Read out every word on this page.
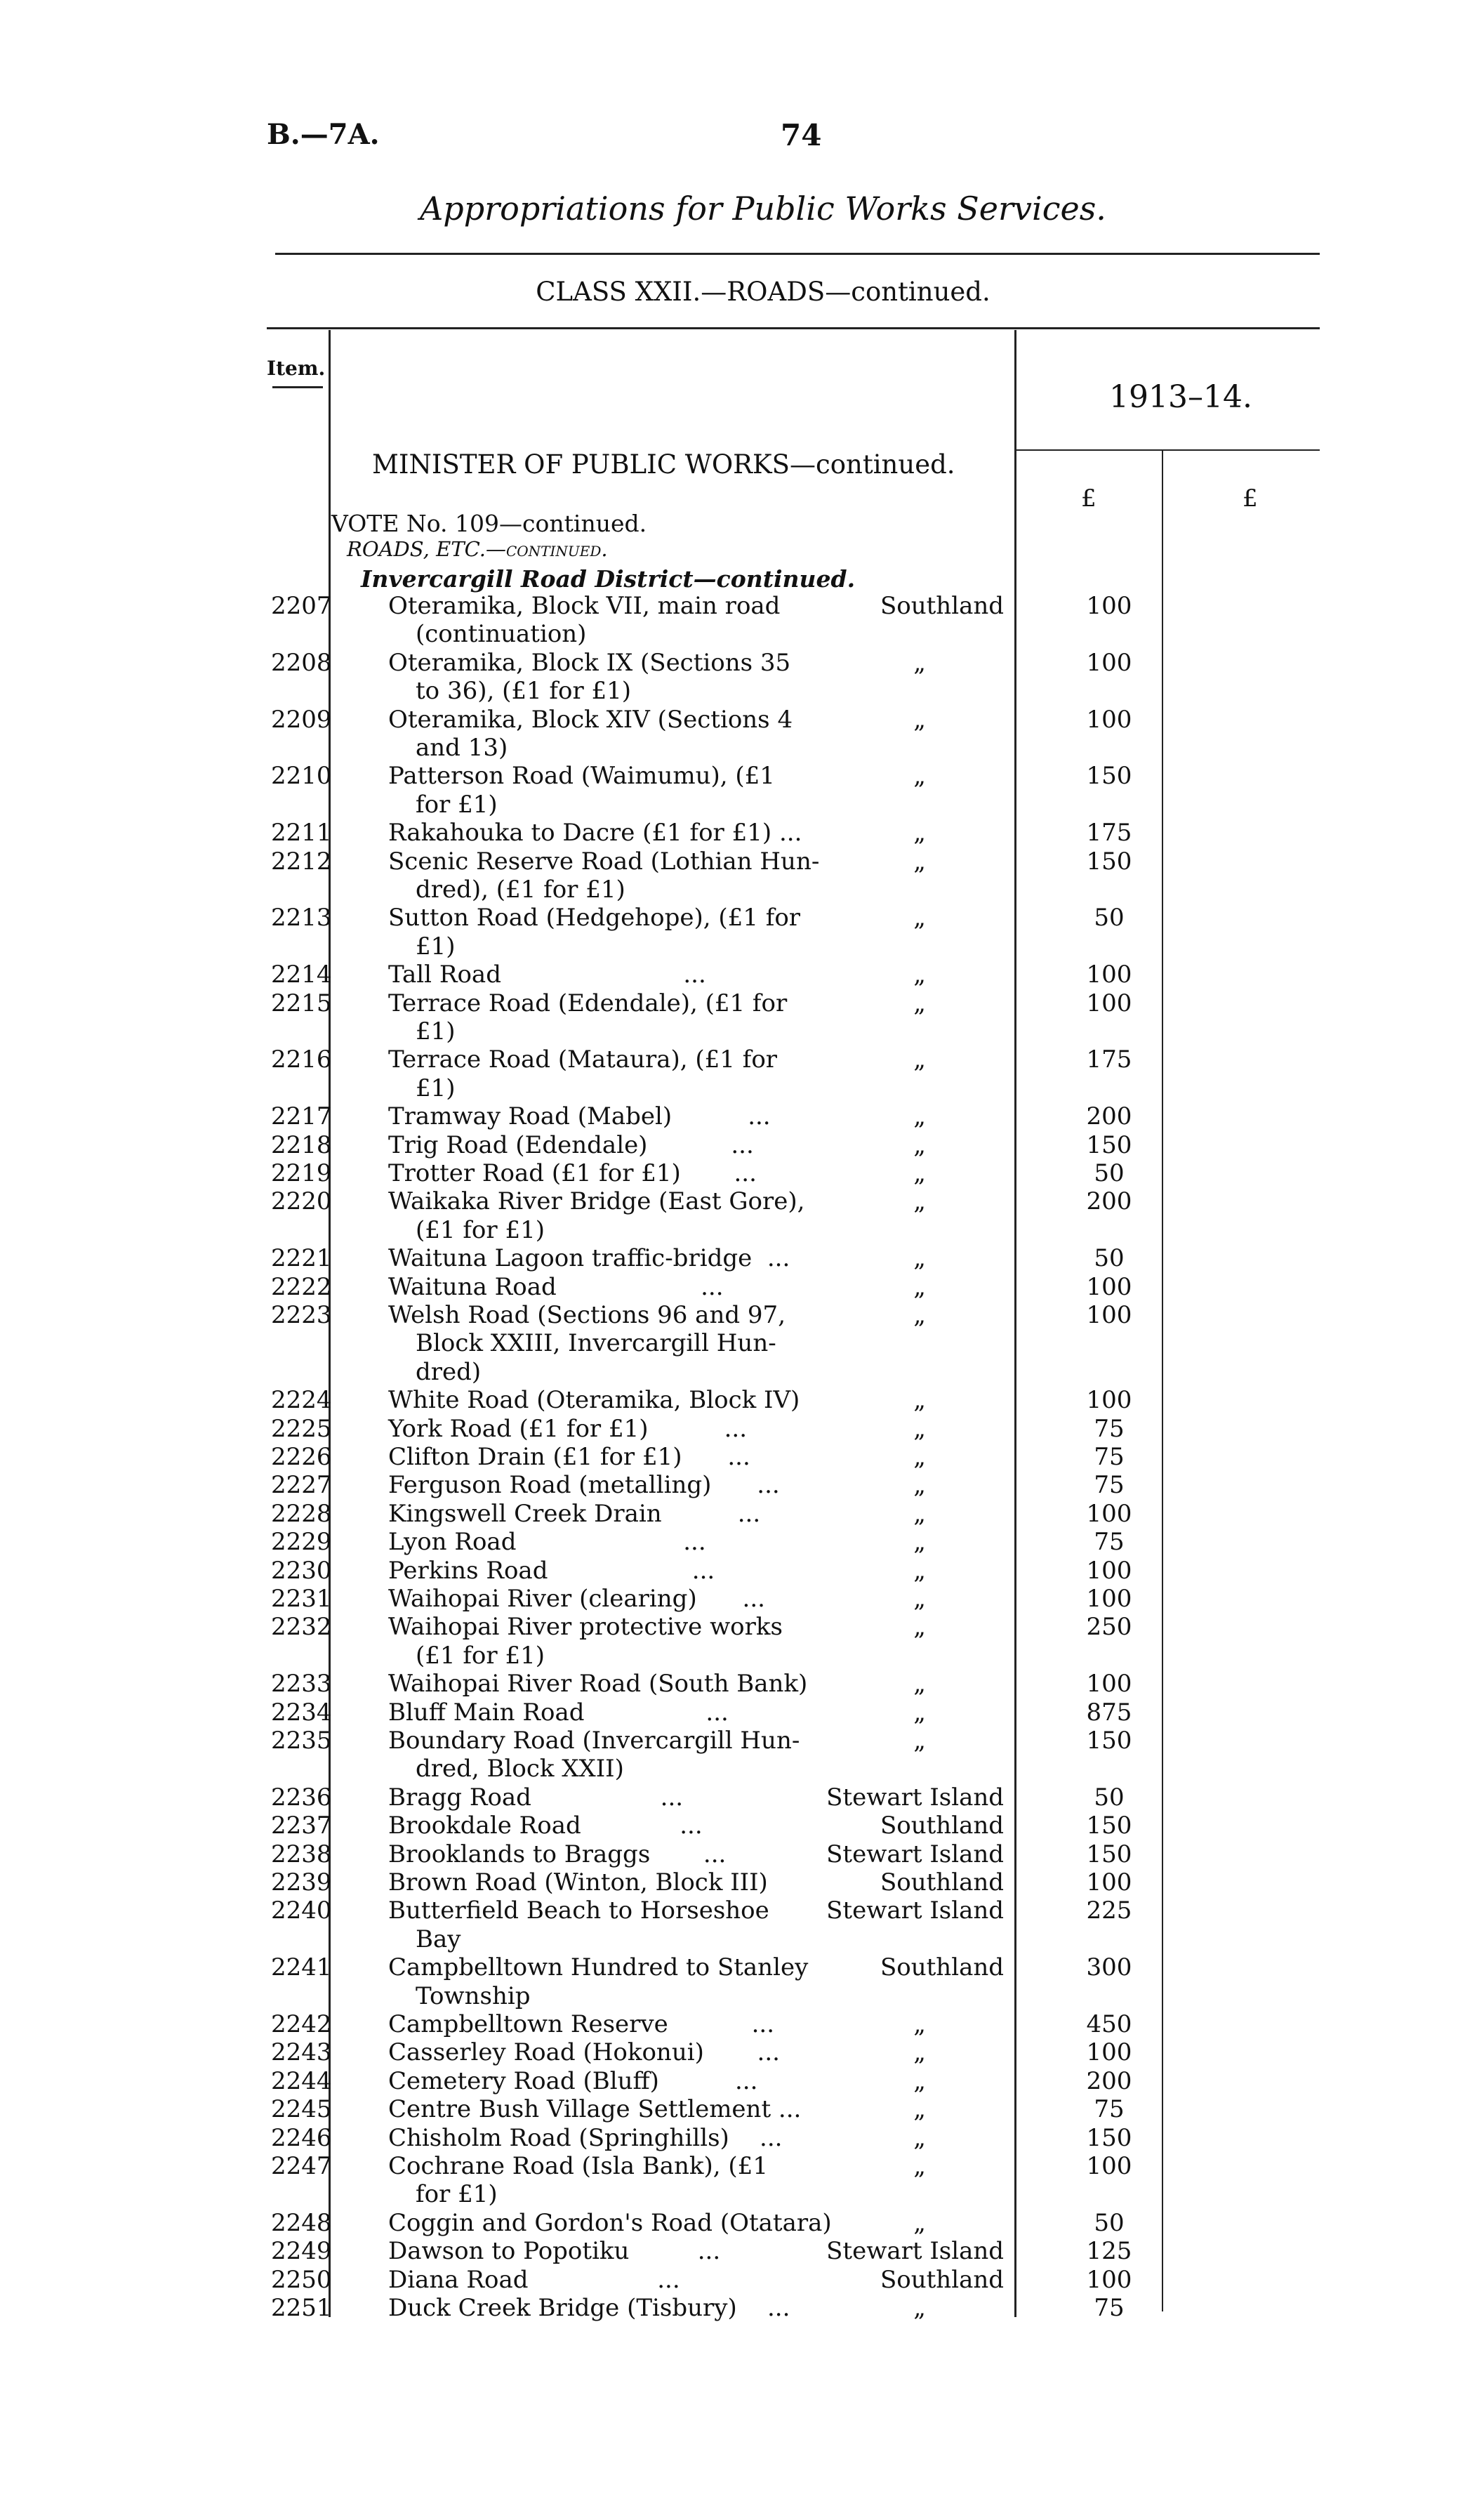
B.—7A.	74
Appropriations for Public Works Services.
CLASS XXII.—ROADS—continued.
Item.
1913–14.
£	£
MINISTER OF PUBLIC WORKS—continued.
VOTE No. 109—continued.
ROADS, ETC.—continued.
Invercargill Road District—continued.
2207 Oteramika, Block VII, main road
(continuation)
Southland	100
2208 Oteramika, Block IX (Sections 35
to 36), (£1 for £1)
„	100
2209 Oteramika, Block XIV (Sections 4
and 13)
„	100
2210 Patterson Road (Waimumu), (£1
for £1)
„	150
2211 Rakahouka to Dacre (£1 for £1) ...	„	175
2212 Scenic Reserve Road (Lothian Hun-
dred), (£1 for £1)
„	150
2213 Sutton Road (Hedgehope), (£1 for
£1)
„	50
2214 Tall Road                        ...	„	100
2215 Terrace Road (Edendale), (£1 for
£1)
„	100
2216 Terrace Road (Mataura), (£1 for
£1)
„	175
2217 Tramway Road (Mabel)          ...	„	200
2218 Trig Road (Edendale)           ...	„	150
2219 Trotter Road (£1 for £1)       ...	„	50
2220 Waikaka River Bridge (East Gore),
(£1 for £1)
„	200
2221 Waituna Lagoon traffic-bridge  ...	„	50
2222 Waituna Road                   ...	„	100
2223 Welsh Road (Sections 96 and 97,
Block XXIII, Invercargill Hun-
dred)
„	100
2224 White Road (Oteramika, Block IV)	„	100
2225 York Road (£1 for £1)          ...	„	75
2226 Clifton Drain (£1 for £1)      ...	„	75
2227 Ferguson Road (metalling)      ...	„	75
2228 Kingswell Creek Drain          ...	„	100
2229 Lyon Road                      ...	„	75
2230 Perkins Road                   ...	„	100
2231 Waihopai River (clearing)      ...	„	100
2232 Waihopai River protective works
(£1 for £1)
„	250
2233 Waihopai River Road (South Bank)	„	100
2234 Bluff Main Road                ...	„	875
2235 Boundary Road (Invercargill Hun-
dred, Block XXII)
„	150
2236 Bragg Road                 ...	Stewart Island	50
2237 Brookdale Road             ...	Southland	150
2238 Brooklands to Braggs       ...	Stewart Island	150
2239 Brown Road (Winton, Block III)	Southland	100
2240 Butterfield Beach to Horseshoe
Bay
Stewart Island	225
2241 Campbelltown Hundred to Stanley
Township
Southland	300
2242 Campbelltown Reserve           ...	„	450
2243 Casserley Road (Hokonui)       ...	„	100
2244 Cemetery Road (Bluff)          ...	„	200
2245 Centre Bush Village Settlement ...	„	75
2246 Chisholm Road (Springhills)    ...	„	150
2247 Cochrane Road (Isla Bank), (£1
for £1)
„	100
2248 Coggin and Gordon's Road (Otatara)	„	50
2249 Dawson to Popotiku         ...	Stewart Island	125
2250 Diana Road                 ...	Southland	100
2251 Duck Creek Bridge (Tisbury)    ...	„	75
